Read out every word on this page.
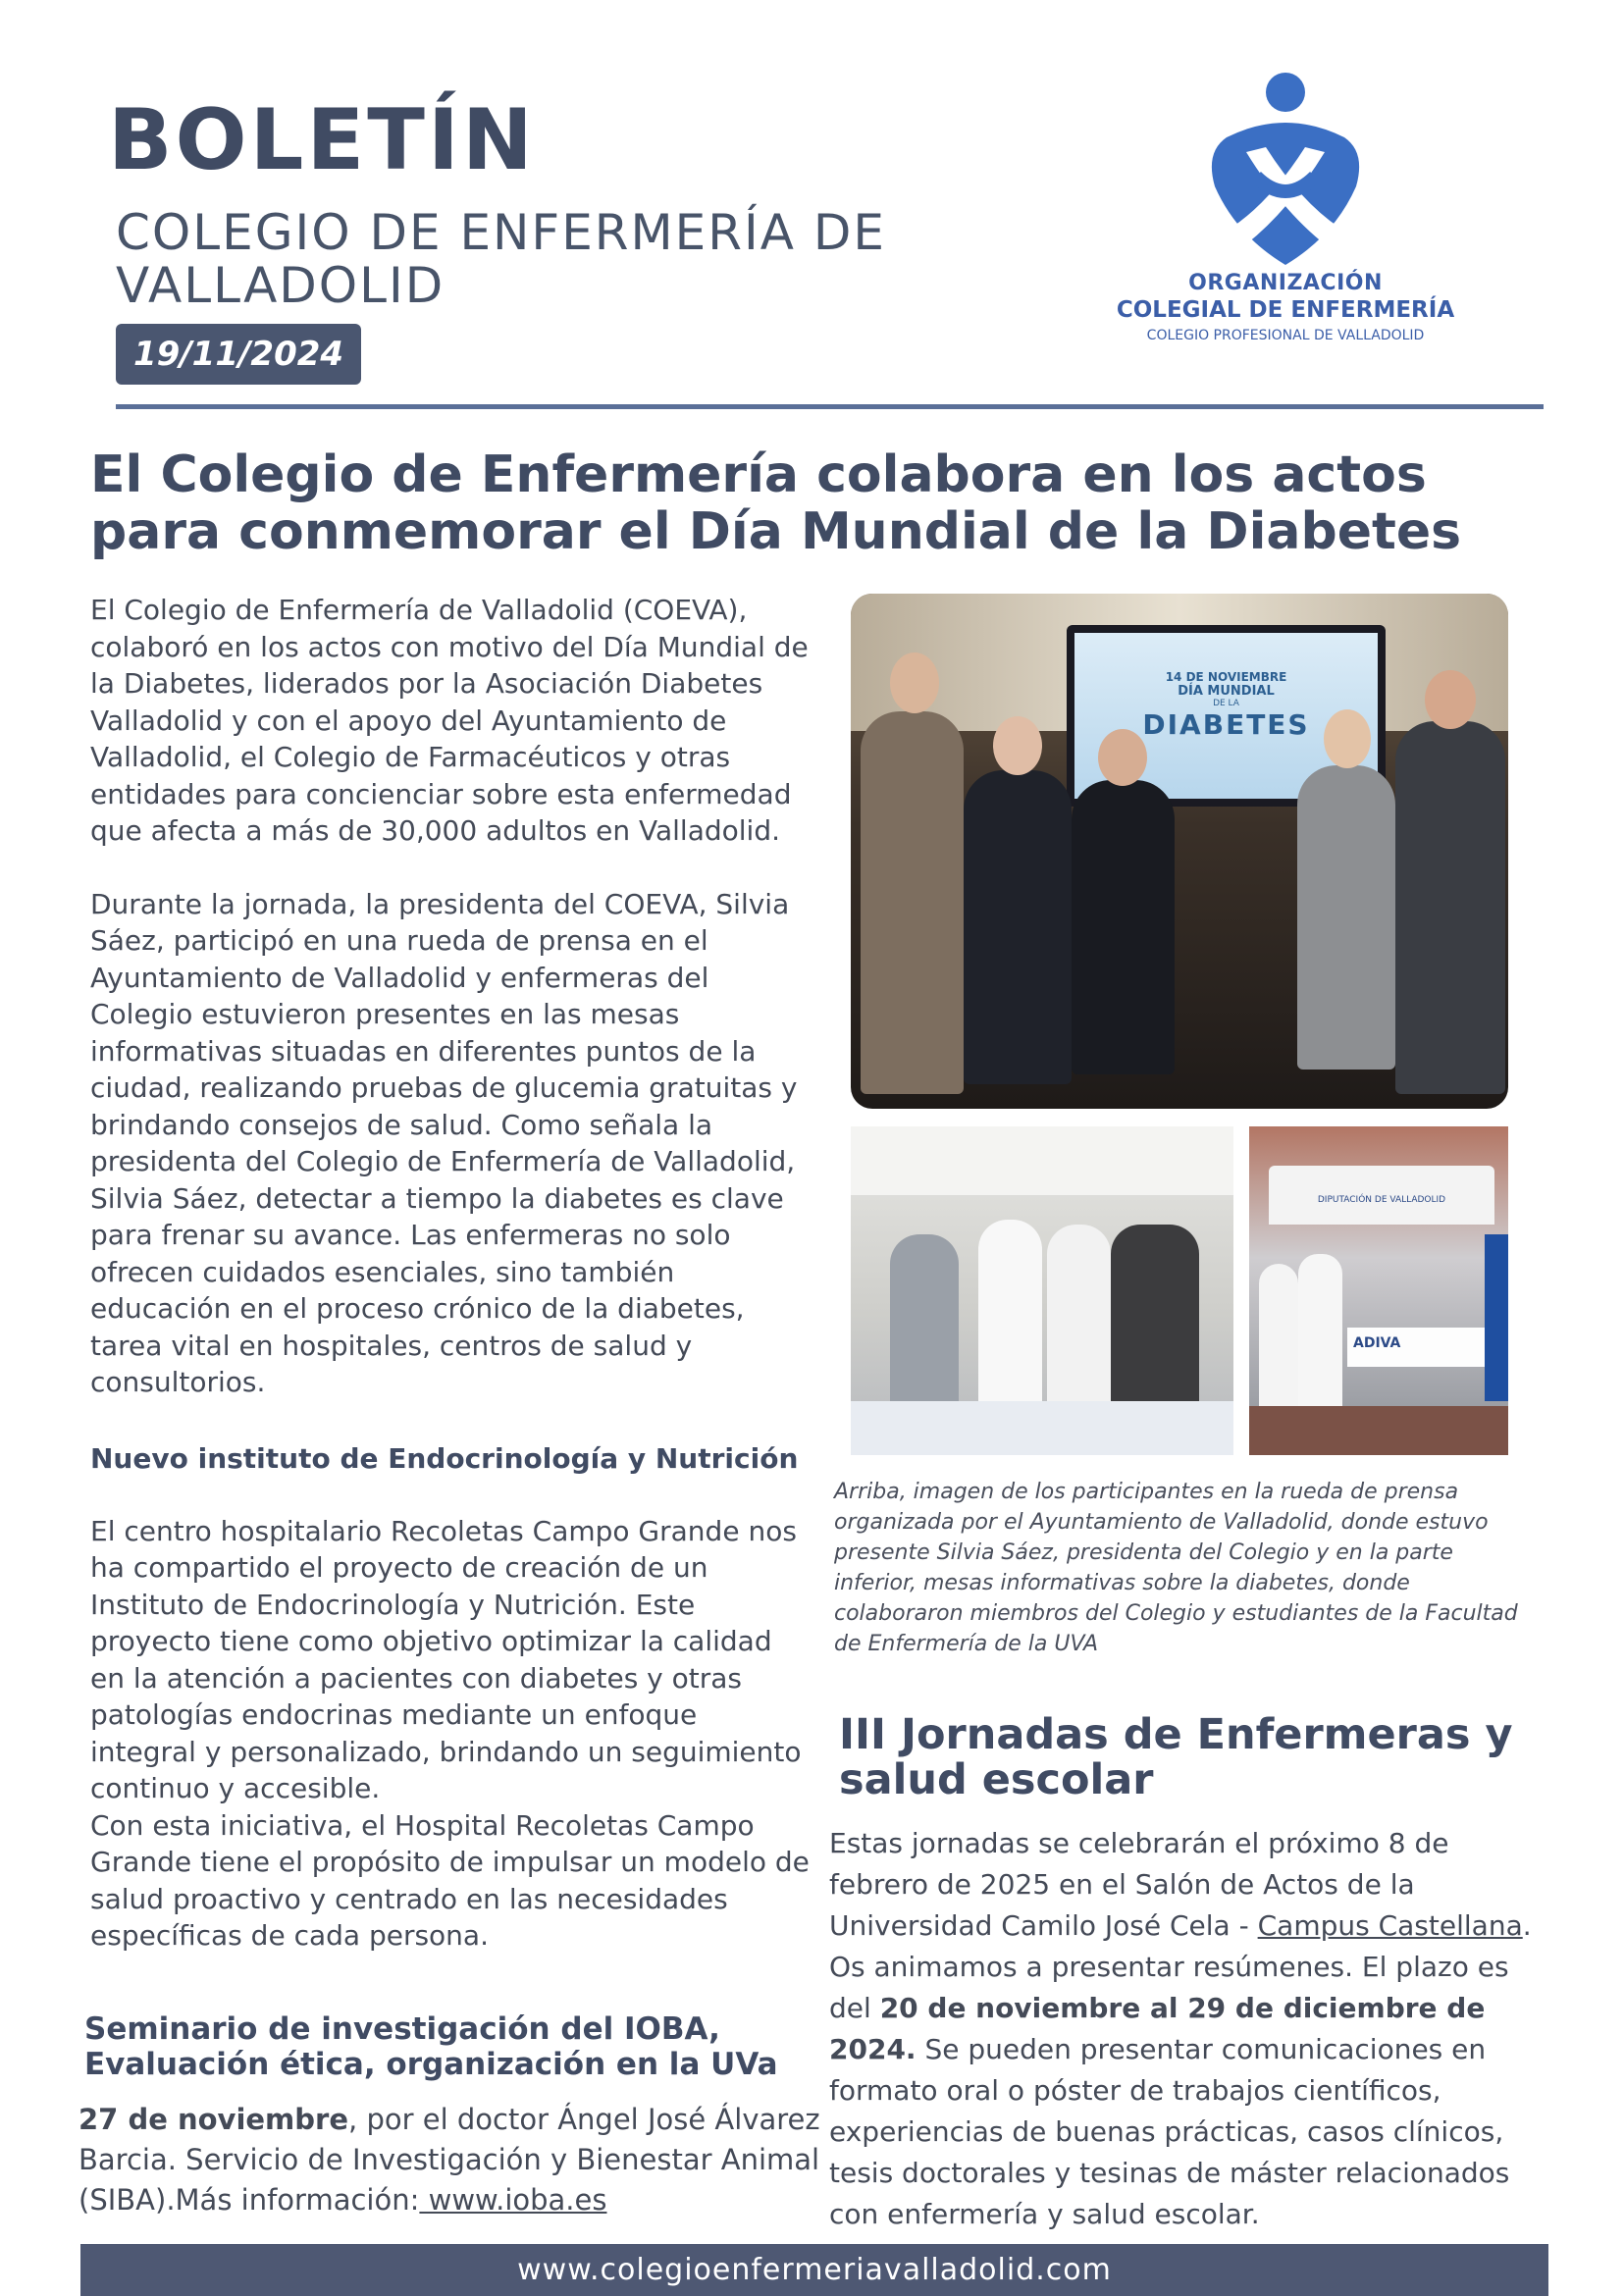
BOLETÍN
COLEGIO DE ENFERMERÍA DE VALLADOLID
19/11/2024
ORGANIZACIÓN
COLEGIAL DE ENFERMERÍA
COLEGIO PROFESIONAL DE VALLADOLID
El Colegio de Enfermería colabora en los actos para conmemorar el Día Mundial de la Diabetes

El Colegio de Enfermería de Valladolid (COEVA), colaboró en los actos con motivo del Día Mundial de la Diabetes, liderados por la Asociación Diabetes Valladolid y con el apoyo del Ayuntamiento de Valladolid, el Colegio de Farmacéuticos y otras entidades para concienciar sobre esta enfermedad que afecta a más de 30,000 adultos en Valladolid.

Durante la jornada, la presidenta del COEVA, Silvia Sáez, participó en una rueda de prensa en el Ayuntamiento de Valladolid y enfermeras del Colegio estuvieron presentes en las mesas informativas situadas en diferentes puntos de la ciudad, realizando pruebas de glucemia gratuitas y brindando consejos de salud. Como señala la presidenta del Colegio de Enfermería de Valladolid, Silvia Sáez, detectar a tiempo la diabetes es clave para frenar su avance. Las enfermeras no solo ofrecen cuidados esenciales, sino también educación en el proceso crónico de la diabetes, tarea vital en hospitales, centros de salud y consultorios.

Nuevo instituto de Endocrinología y Nutrición

El centro hospitalario Recoletas Campo Grande nos ha compartido el proyecto de creación de un Instituto de Endocrinología y Nutrición. Este proyecto tiene como objetivo optimizar la calidad en la atención a pacientes con diabetes y otras patologías endocrinas mediante un enfoque integral y personalizado, brindando un seguimiento continuo y accesible.

Con esta iniciativa, el Hospital Recoletas Campo Grande tiene el propósito de impulsar un modelo de salud proactivo y centrado en las necesidades específicas de cada persona.

Seminario de investigación del IOBA, Evaluación ética, organización en la UVa
27 de noviembre, por el doctor Ángel José Álvarez Barcia. Servicio de Investigación y Bienestar Animal (SIBA).Más información: www.ioba.es
14 DE NOVIEMBRE
DÍA MUNDIAL
DE LA
DIABETES
DIPUTACIÓN DE VALLADOLID
ADIVA
Arriba, imagen de los participantes en la rueda de prensa organizada por el Ayuntamiento de Valladolid, donde estuvo presente Silvia Sáez, presidenta del Colegio y en la parte inferior, mesas informativas sobre la diabetes, donde colaboraron miembros del Colegio y estudiantes de la Facultad de Enfermería de la UVA
III Jornadas de Enfermeras y salud escolar
Estas jornadas se celebrarán el próximo 8 de febrero de 2025 en el Salón de Actos de la Universidad Camilo José Cela - Campus Castellana. Os animamos a presentar resúmenes. El plazo es del 20 de noviembre al 29 de diciembre de 2024. Se pueden presentar comunicaciones en formato oral o póster de trabajos científicos, experiencias de buenas prácticas, casos clínicos, tesis doctorales y tesinas de máster relacionados con enfermería y salud escolar.
www.colegioenfermeriavalladolid.com
